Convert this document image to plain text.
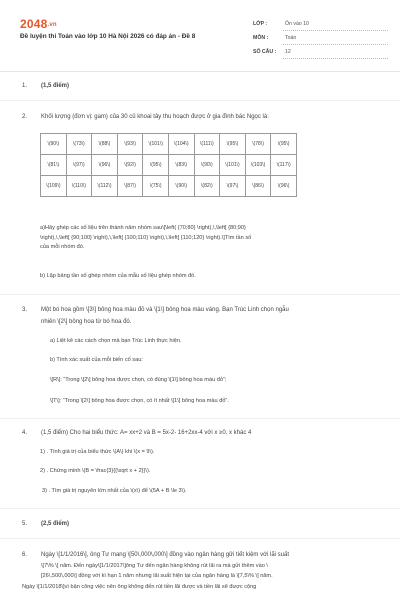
2048.vn
Đề luyện thi Toán vào lớp 10 Hà Nội 2026 có đáp án - Đề 8
LỚP :	Ôn vào 10
MÔN :	Toán
SỐ CÂU :	12
1. (1,5 điểm)
2. Khối lượng (đơn vị: gam) của 30 củ khoai tây thu hoạch được ở gia đình bác Ngọc là:
\(90\)	\(73\)	\(88\)	\(93\)	\(101\)	\(104\)	\(111\)	\(95\)	\(78\)	\(95\)
\(81\)	\(97\)	\(96\)	\(92\)	\(95\)	\(83\)	\(90\)	\(101\)	\(103\)	\(117\)
\(109\)	\(110\)	\(112\)	\(87\)	\(75\)	\(90\)	\(82\)	\(97\)	\(86\)	\(96\)
a)Hãy ghép các số liệu trên thành năm nhóm sau\[\left( {70;80} \right),\,\left[ {80;90}
\right),\,\left[ {90;100} \right),\,\left[ {100;110} \right),\,\left[ {110;120} \right).\]Tìm tần số
của mỗi nhóm đó.
b) Lập bảng tần số ghép nhóm của mẫu số liệu ghép nhóm đó.
3. Một bó hoa gồm \[3\] bông hoa màu đỏ và \[1\] bông hoa màu vàng. Bạn Trúc Linh chọn ngẫu
nhiên \[2\] bông hoa từ bó hoa đó.
a) Liệt kê các cách chọn mà bạn Trúc Linh thực hiện.
b) Tính xác suất của mỗi biến cố sau:
\[R\]: “Trong \[2\] bông hoa được chọn, có đúng \[1\] bông hoa màu đỏ”;
\[T\]: “Trong \[2\] bông hoa được chọn, có ít nhất \[1\] bông hoa màu đỏ”.
4. (1,5 điểm) Cho hai biểu thức: A= xx+2 và B = 5x-2- 16+2xx-4 với x ≥0, x khác 4
1) . Tính giá trị của biểu thức \(A\) khi \(x = 9\).
2) . Chứng minh \(B = \frac{3}{{\sqrt x + 2}}\).
3) . Tìm giá trị nguyên lớn nhất của \(x\) để \(5A + B \le 3\).
5. (2,5 điểm)
6. Ngày \[1/1/2016\], ông Tư mang \[50\,000\,000\] đồng vào ngân hàng gửi tiết kiệm với lãi suất
\[7\% \] năm. Đến ngày\[1/1/2017\]ông Tư đến ngân hàng không rút lãi ra mà gửi thêm vào \
[26\,500\,000\] đồng với kì hạn 1 năm nhưng lãi suất hiện tại của ngân hàng là \[7,5\% \] năm.
Ngày \[1/1/2018\]vì bận công việc nên ông không đến rút tiền lãi được và tiền lãi sẽ được cộng
